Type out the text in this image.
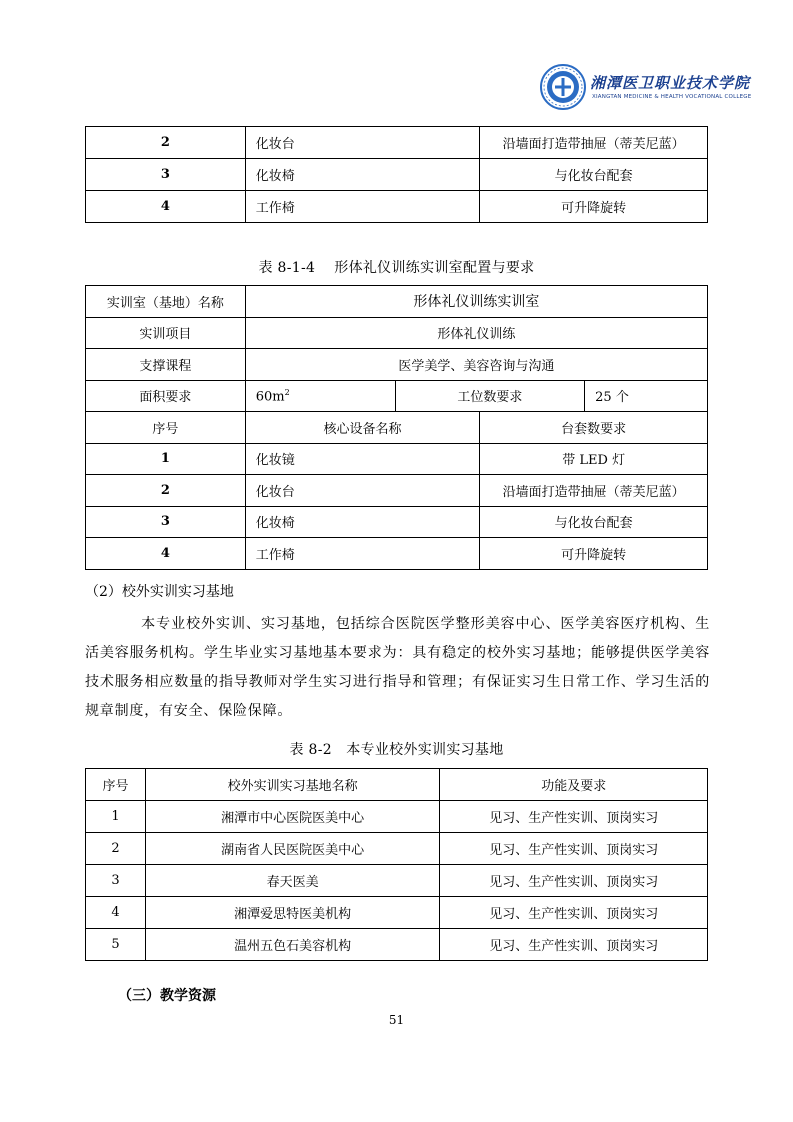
湘潭医卫职业技术学院
XIANGTAN MEDICINE & HEALTH VOCATIONAL COLLEGE
2	化妆台	沿墙面打造带抽屉（蒂芙尼蓝）
3	化妆椅	与化妆台配套
4	工作椅	可升降旋转
表 8-1-4　 形体礼仪训练实训室配置与要求
实训室（基地）名称	形体礼仪训练实训室			
实训项目	形体礼仪训练			
支撑课程	医学美学、美容咨询与沟通			
面积要求	$60m^2$	工位数要求		25 个
序号	核心设备名称		台套数要求	
1	化妆镜		带 LED 灯	
2	化妆台		沿墙面打造带抽屉（蒂芙尼蓝）	
3	化妆椅		与化妆台配套	
4	工作椅		可升降旋转	
（2）校外实训实习基地

本专业校外实训、实习基地，包括综合医院医学整形美容中心、医学美容医疗机构、生活美容服务机构。学生毕业实习基地基本要求为：具有稳定的校外实习基地；能够提供医学美容技术服务相应数量的指导教师对学生实习进行指导和管理；有保证实习生日常工作、学习生活的规章制度，有安全、保险保障。

表 8-2　本专业校外实训实习基地
序号	校外实训实习基地名称	功能及要求
1	湘潭市中心医院医美中心	见习、生产性实训、顶岗实习
2	湖南省人民医院医美中心	见习、生产性实训、顶岗实习
3	春天医美	见习、生产性实训、顶岗实习
4	湘潭爱思特医美机构	见习、生产性实训、顶岗实习
5	温州五色石美容机构	见习、生产性实训、顶岗实习
（三）教学资源
51
